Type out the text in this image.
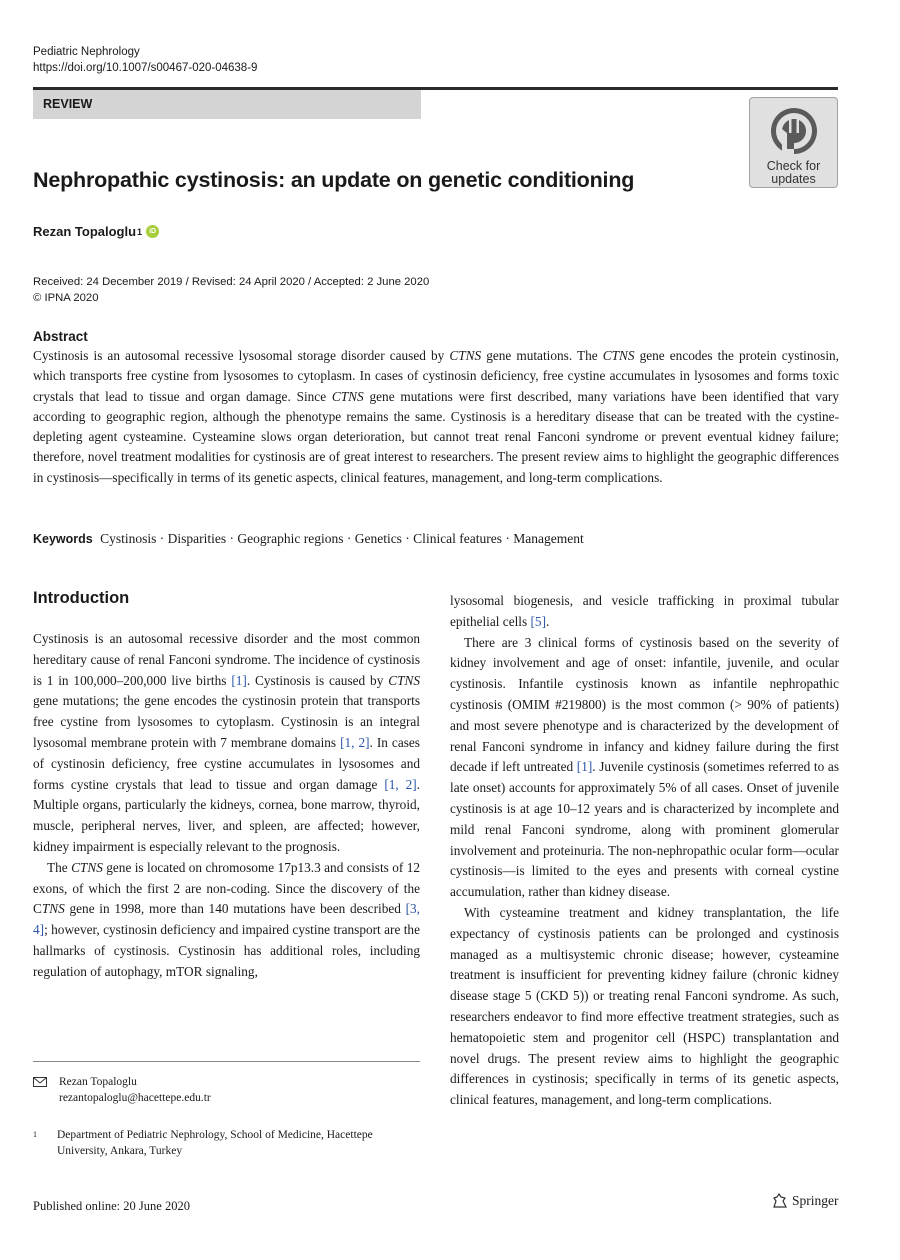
Pediatric Nephrology
https://doi.org/10.1007/s00467-020-04638-9
REVIEW
Check for
updates
Nephropathic cystinosis: an update on genetic conditioning
Rezan Topaloglu 1	iD
Received: 24 December 2019 / Revised: 24 April 2020 / Accepted: 2 June 2020
© IPNA 2020
Abstract
Cystinosis is an autosomal recessive lysosomal storage disorder caused by CTNS gene mutations. The CTNS gene encodes the protein cystinosin, which transports free cystine from lysosomes to cytoplasm. In cases of cystinosin deficiency, free cystine accumulates in lysosomes and forms toxic crystals that lead to tissue and organ damage. Since CTNS gene mutations were first described, many variations have been identified that vary according to geographic region, although the phenotype remains the same. Cystinosis is a hereditary disease that can be treated with the cystine-depleting agent cysteamine. Cysteamine slows organ deterioration, but cannot treat renal Fanconi syndrome or prevent eventual kidney failure; therefore, novel treatment modalities for cystinosis are of great interest to researchers. The present review aims to highlight the geographic differences in cystinosis—specifically in terms of its genetic aspects, clinical features, management, and long-term complications.
Keywords Cystinosis · Disparities · Geographic regions · Genetics · Clinical features · Management
Introduction

Cystinosis is an autosomal recessive disorder and the most common hereditary cause of renal Fanconi syndrome. The incidence of cystinosis is 1 in 100,000–200,000 live births [1]. Cystinosis is caused by CTNS gene mutations; the gene encodes the cystinosin protein that transports free cystine from lysosomes to cytoplasm. Cystinosin is an integral lysosomal membrane protein with 7 membrane domains [1, 2]. In cases of cystinosin deficiency, free cystine accumulates in lysosomes and forms cystine crystals that lead to tissue and organ damage [1, 2]. Multiple organs, particularly the kidneys, cornea, bone marrow, thyroid, muscle, peripheral nerves, liver, and spleen, are affected; however, kidney impairment is especially relevant to the prognosis.

The CTNS gene is located on chromosome 17p13.3 and consists of 12 exons, of which the first 2 are non-coding. Since the discovery of the CTNS gene in 1998, more than 140 mutations have been described [3, 4]; however, cystinosin deficiency and impaired cystine transport are the hallmarks of cystinosis. Cystinosin has additional roles, including regulation of autophagy, mTOR signaling,

lysosomal biogenesis, and vesicle trafficking in proximal tubular epithelial cells [5].

There are 3 clinical forms of cystinosis based on the severity of kidney involvement and age of onset: infantile, juvenile, and ocular cystinosis. Infantile cystinosis known as infantile nephropathic cystinosis (OMIM #219800) is the most common (> 90% of patients) and most severe phenotype and is characterized by the development of renal Fanconi syndrome in infancy and kidney failure during the first decade if left untreated [1]. Juvenile cystinosis (sometimes referred to as late onset) accounts for approximately 5% of all cases. Onset of juvenile cystinosis is at age 10–12 years and is characterized by incomplete and mild renal Fanconi syndrome, along with prominent glomerular involvement and proteinuria. The non-nephropathic ocular form—ocular cystinosis—is limited to the eyes and presents with corneal cystine accumulation, rather than kidney disease.

With cysteamine treatment and kidney transplantation, the life expectancy of cystinosis patients can be prolonged and cystinosis managed as a multisystemic chronic disease; however, cysteamine treatment is insufficient for preventing kidney failure (chronic kidney disease stage 5 (CKD 5)) or treating renal Fanconi syndrome. As such, researchers endeavor to find more effective treatment strategies, such as hematopoietic stem and progenitor cell (HSPC) transplantation and novel drugs. The present review aims to highlight the geographic differences in cystinosis; specifically in terms of its genetic aspects, clinical features, management, and long-term complications.

Rezan Topaloglu
rezantopaloglu@hacettepe.edu.tr
1	Department of Pediatric Nephrology, School of Medicine, Hacettepe
University, Ankara, Turkey
Published online: 20 June 2020	Springer
